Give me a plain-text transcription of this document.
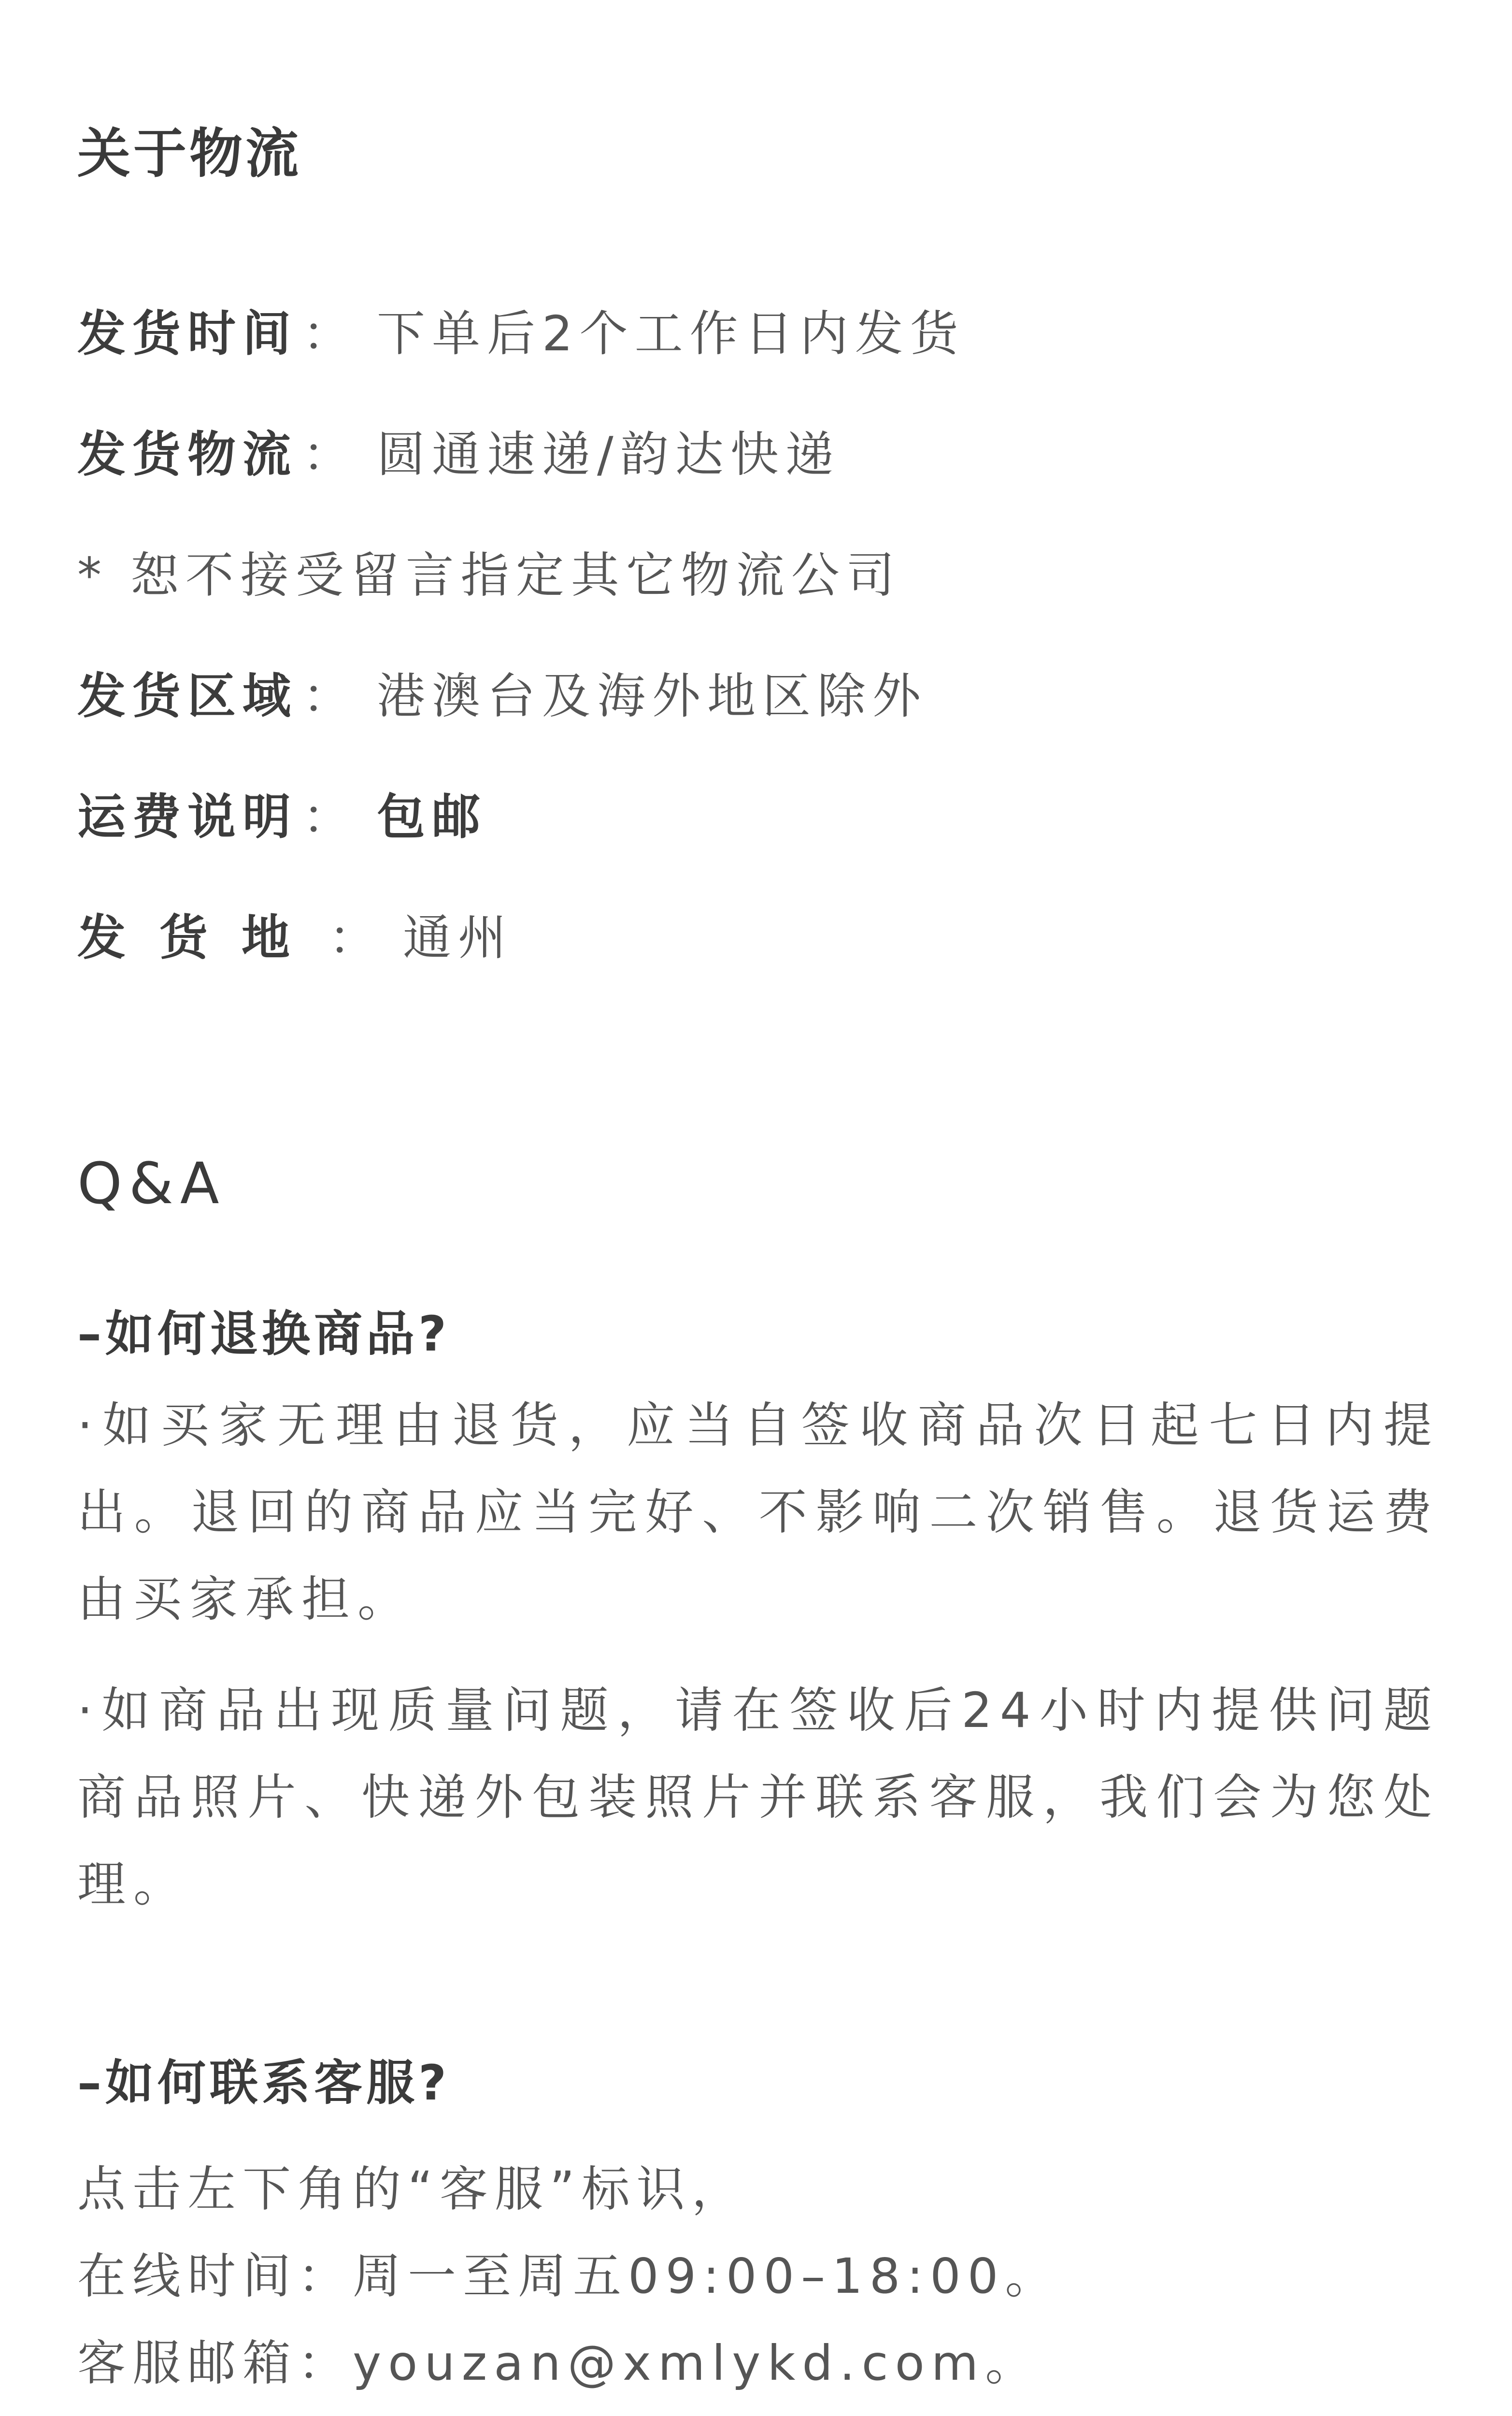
关于物流
发货时间 ： 下单后2个工作日内发货
发货物流 ： 圆通速递/韵达快递
* 恕不接受留言指定其它物流公司
发货区域 ： 港澳台及海外地区除外
运费说明 ： 包邮
发货地 ： 通州
Q&A
–如何退换商品?
·如买家无理由退货，应当自签收商品次日起七日内提出。退回的商品应当完好、不影响二次销售。退货运费由买家承担。
·如商品出现质量问题，请在签收后24小时内提供问题商品照片、快递外包装照片并联系客服，我们会为您处理。
–如何联系客服?
点击左下角的“客服”标识，
在线时间：周一至周五09:00–18:00。
客服邮箱：youzan@xmlykd.com。
